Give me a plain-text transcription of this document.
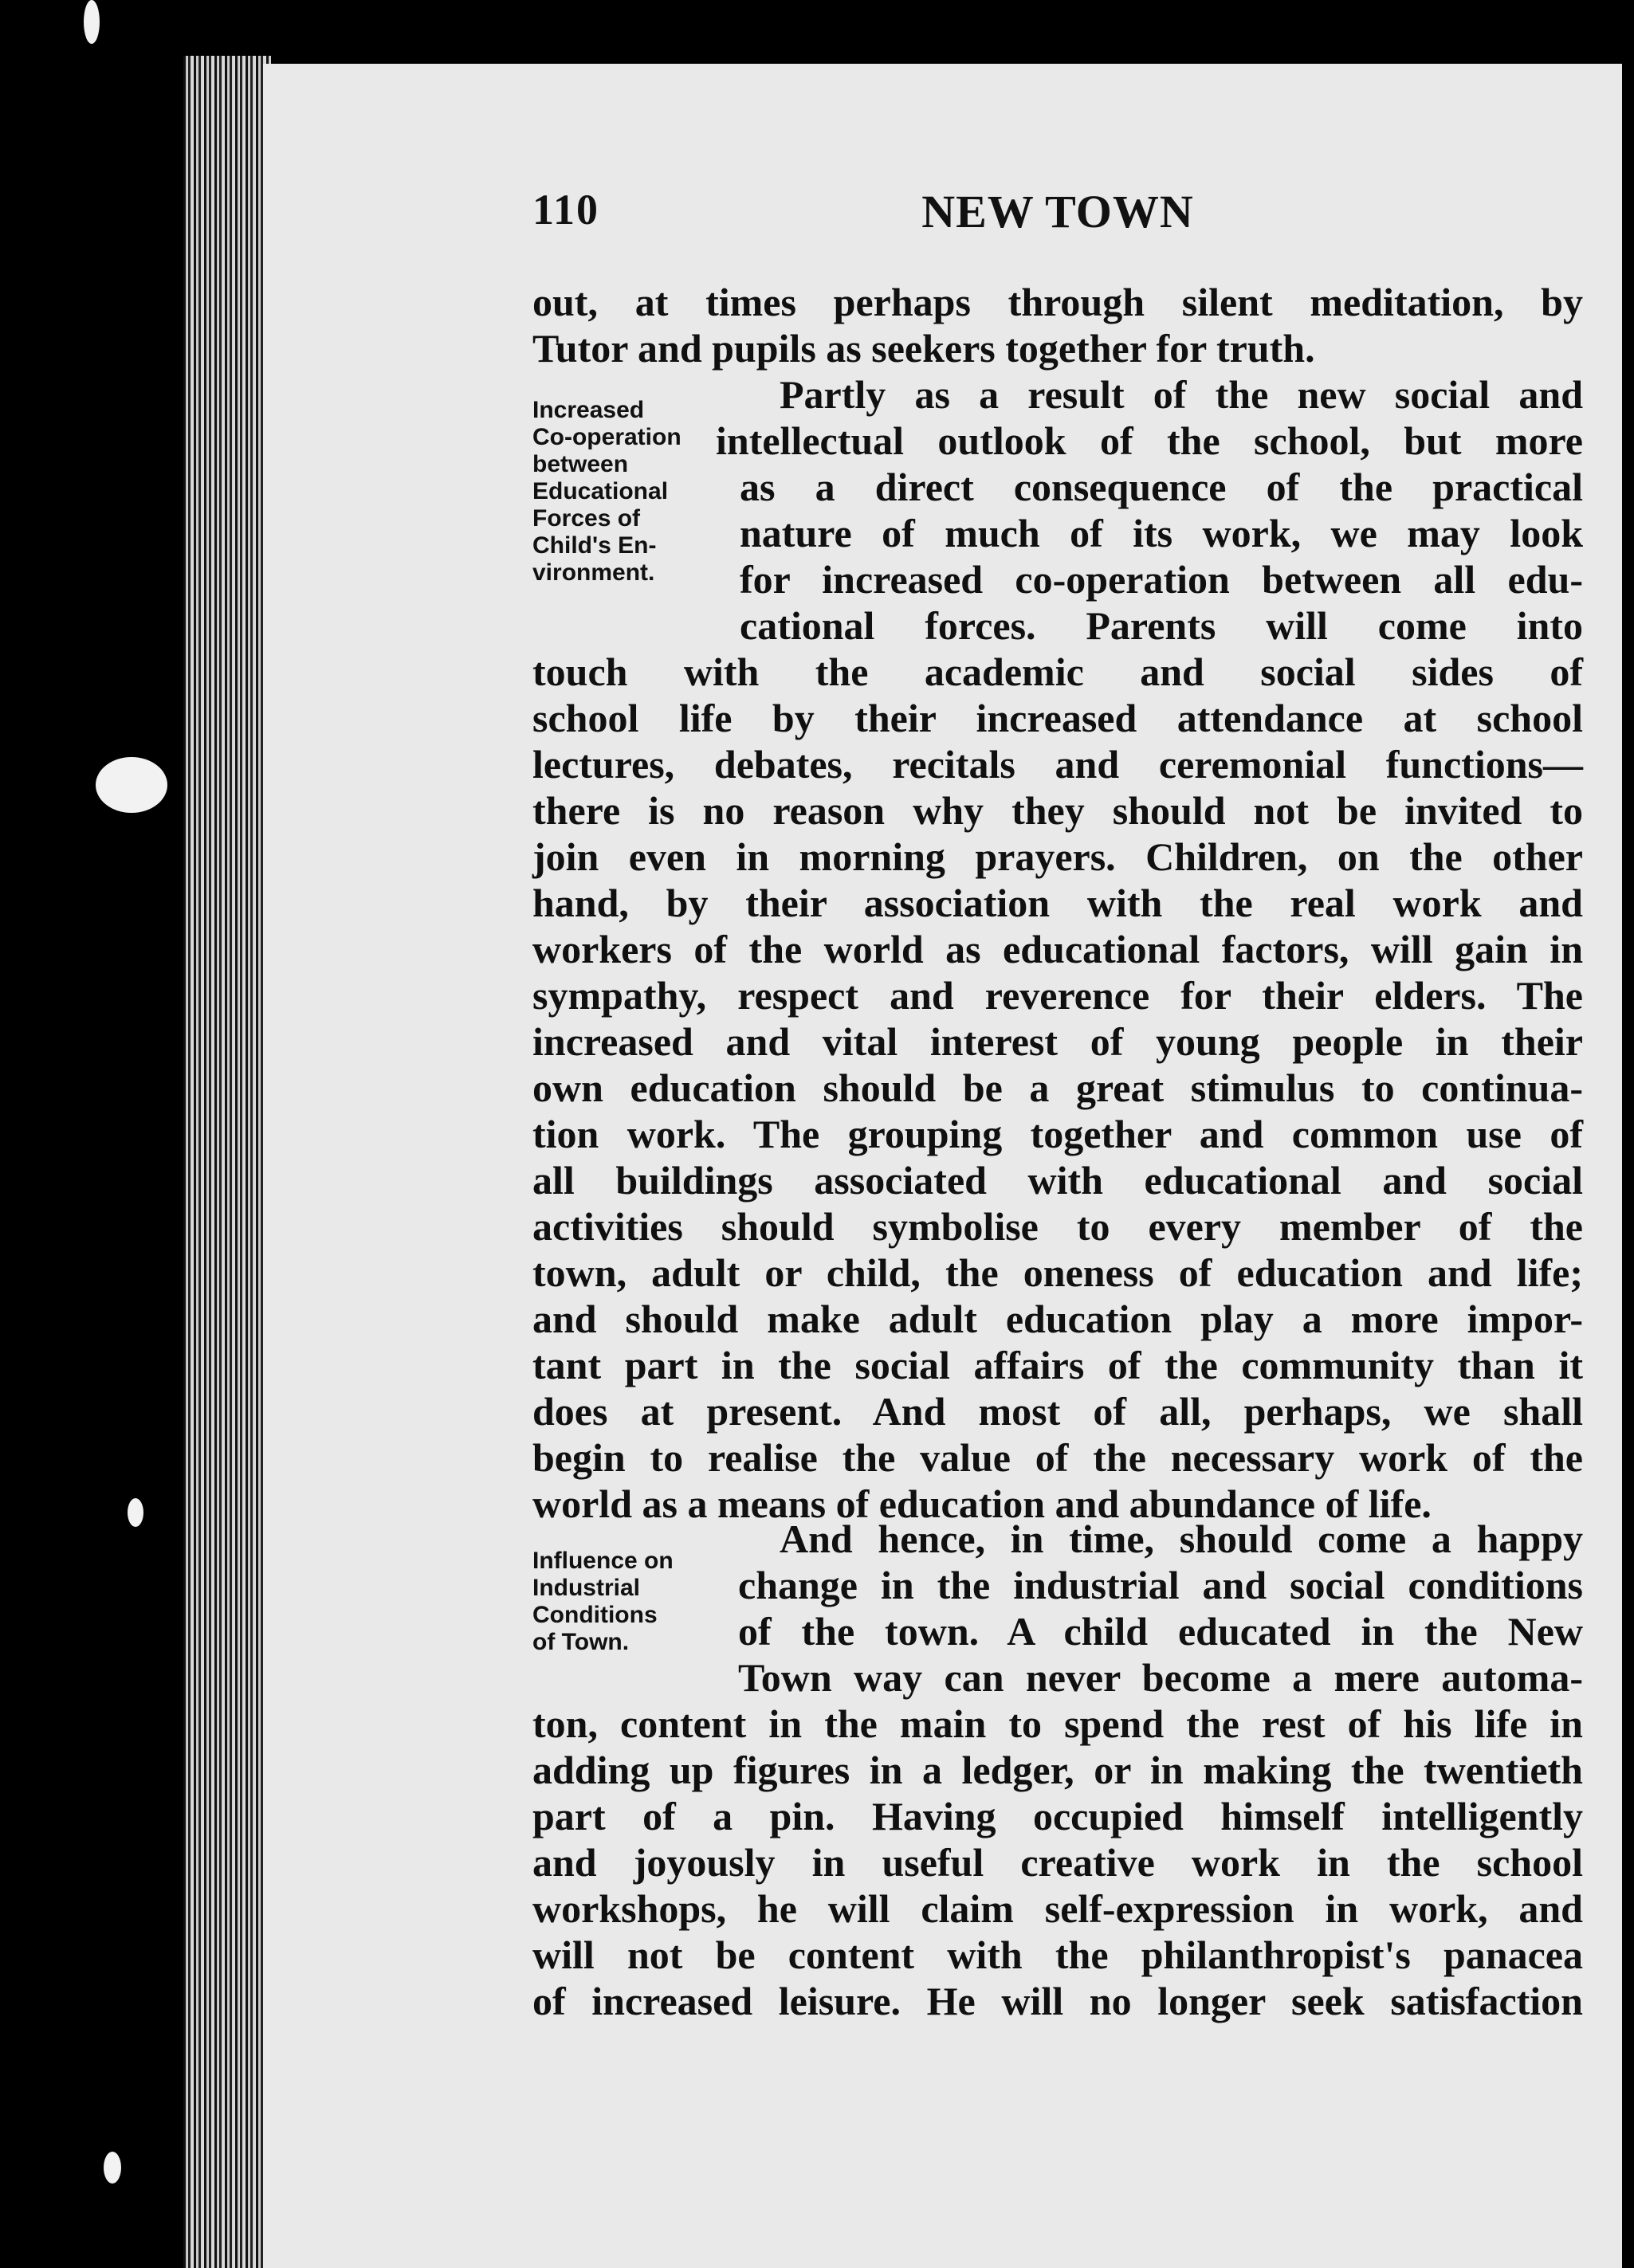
110	NEW TOWN
out, at times perhaps through silent meditation, by
Tutor and pupils as seekers together for truth.
Increased
Co-operation
between
Educational
Forces of
Child's En-
vironment.
Partly as a result of the new social and
intellectual outlook of the school, but more
as a direct consequence of the practical
nature of much of its work, we may look
for increased co-operation between all edu-
cational forces. Parents will come into
touch with the academic and social sides of
school life by their increased attendance at school
lectures, debates, recitals and ceremonial functions—
there is no reason why they should not be invited to
join even in morning prayers. Children, on the other
hand, by their association with the real work and
workers of the world as educational factors, will gain in
sympathy, respect and reverence for their elders. The
increased and vital interest of young people in their
own education should be a great stimulus to continua-
tion work. The grouping together and common use of
all buildings associated with educational and social
activities should symbolise to every member of the
town, adult or child, the oneness of education and life;
and should make adult education play a more impor-
tant part in the social affairs of the community than it
does at present. And most of all, perhaps, we shall
begin to realise the value of the necessary work of the
world as a means of education and abundance of life.
Influence on
Industrial
Conditions
of Town.
And hence, in time, should come a happy
change in the industrial and social conditions
of the town. A child educated in the New
Town way can never become a mere automa-
ton, content in the main to spend the rest of his life in
adding up figures in a ledger, or in making the twentieth
part of a pin. Having occupied himself intelligently
and joyously in useful creative work in the school
workshops, he will claim self-expression in work, and
will not be content with the philanthropist's panacea
of increased leisure. He will no longer seek satisfaction
